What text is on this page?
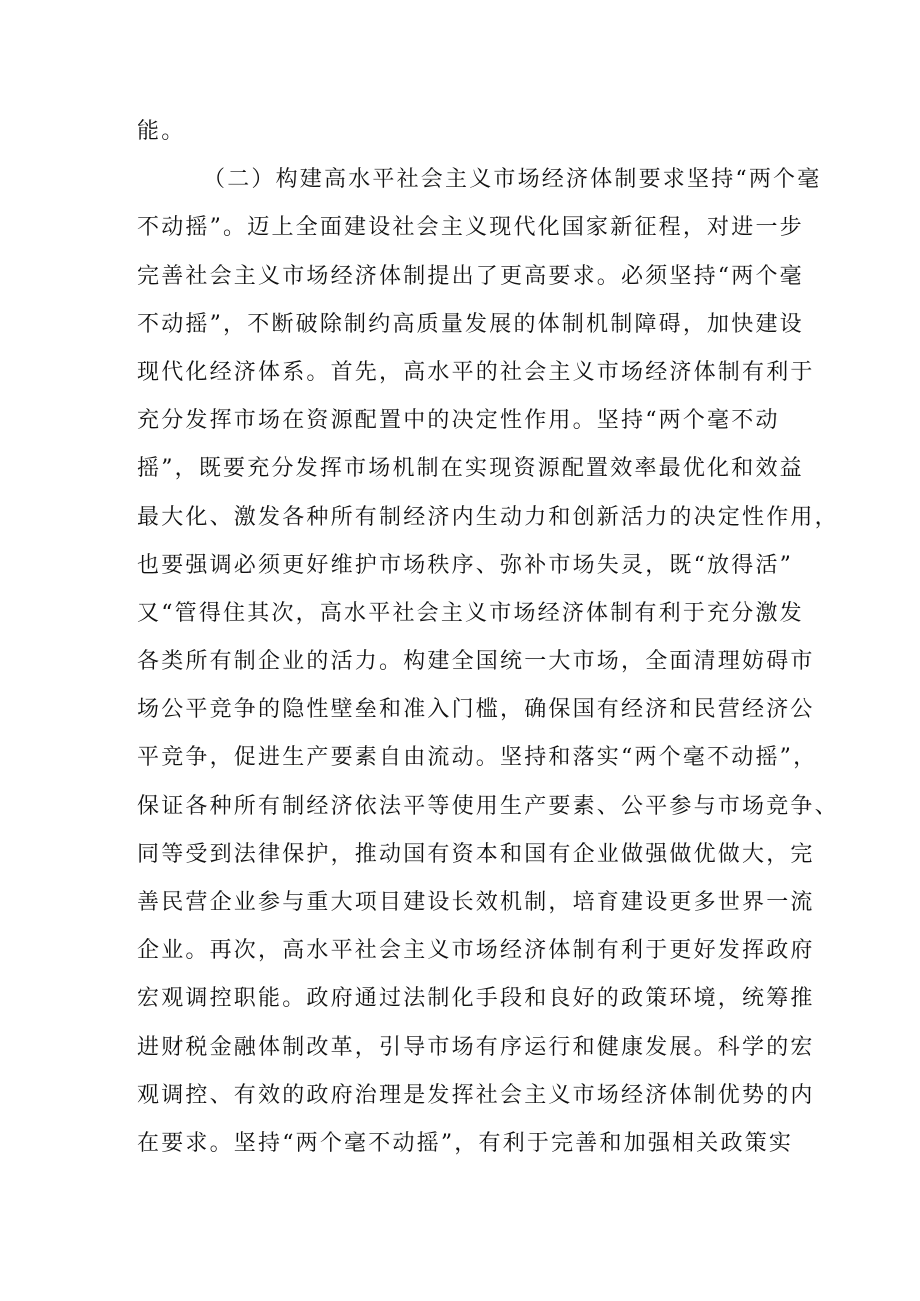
能。
（二）构建高水平社会主义市场经济体制要求坚持“两个毫
不动摇”。迈上全面建设社会主义现代化国家新征程，对进一步
完善社会主义市场经济体制提出了更高要求。必须坚持“两个毫
不动摇”，不断破除制约高质量发展的体制机制障碍，加快建设
现代化经济体系。首先，高水平的社会主义市场经济体制有利于
充分发挥市场在资源配置中的决定性作用。坚持“两个毫不动
摇”，既要充分发挥市场机制在实现资源配置效率最优化和效益
最大化、激发各种所有制经济内生动力和创新活力的决定性作用，
也要强调必须更好维护市场秩序、弥补市场失灵，既“放得活”
又“管得住其次，高水平社会主义市场经济体制有利于充分激发
各类所有制企业的活力。构建全国统一大市场，全面清理妨碍市
场公平竞争的隐性壁垒和准入门槛，确保国有经济和民营经济公
平竞争，促进生产要素自由流动。坚持和落实“两个毫不动摇”，
保证各种所有制经济依法平等使用生产要素、公平参与市场竞争、
同等受到法律保护，推动国有资本和国有企业做强做优做大，完
善民营企业参与重大项目建设长效机制，培育建设更多世界一流
企业。再次，高水平社会主义市场经济体制有利于更好发挥政府
宏观调控职能。政府通过法制化手段和良好的政策环境，统筹推
进财税金融体制改革，引导市场有序运行和健康发展。科学的宏
观调控、有效的政府治理是发挥社会主义市场经济体制优势的内
在要求。坚持“两个毫不动摇”，有利于完善和加强相关政策实
